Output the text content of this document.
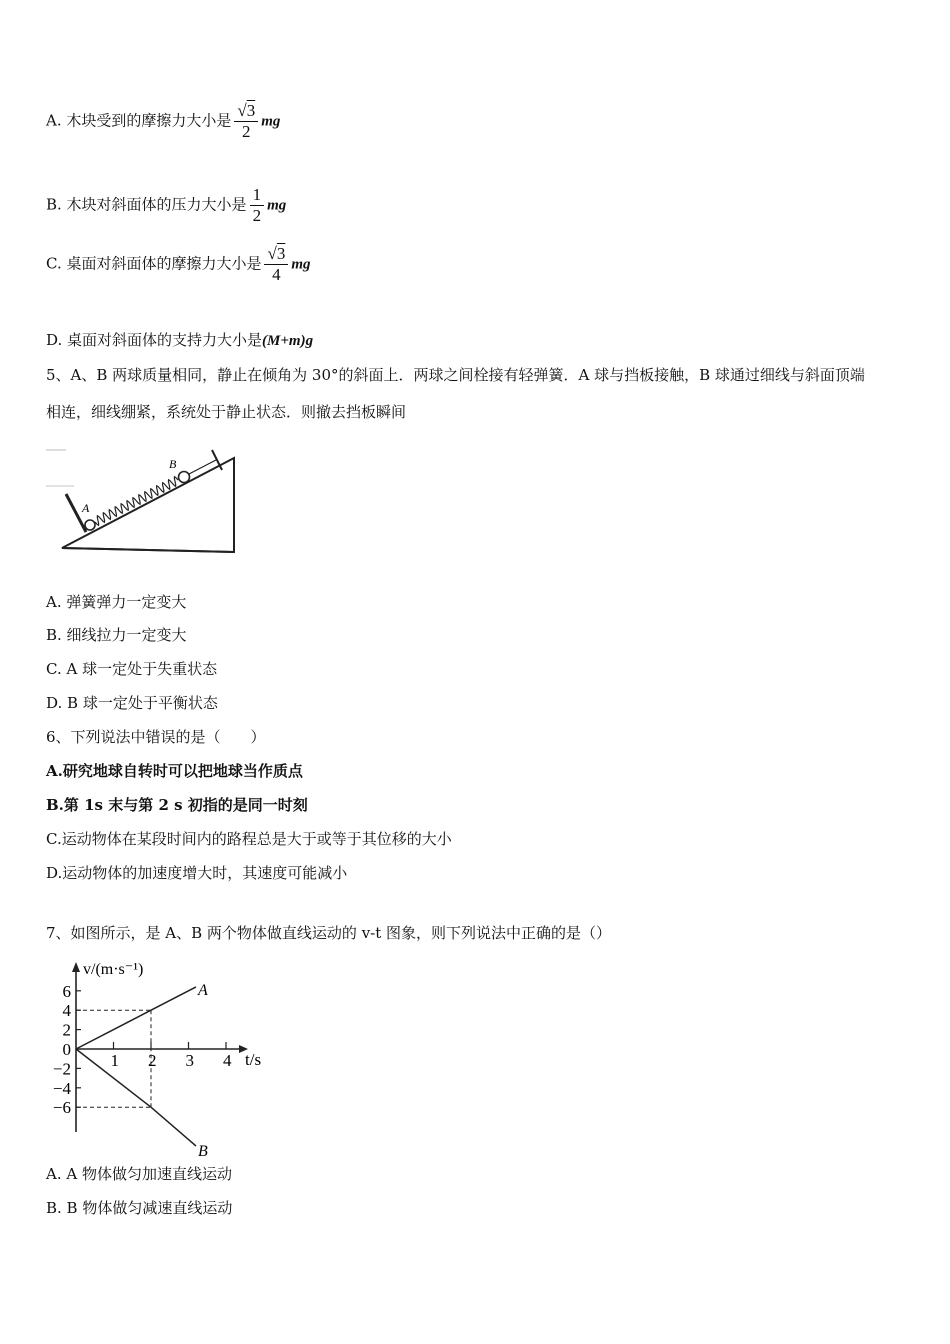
A. 木块受到的摩擦力大小是 $\frac{√3}{2}$ mg
B. 木块对斜面体的压力大小是 $\frac{1}{2}$ mg
C. 桌面对斜面体的摩擦力大小是 $\frac{√3}{4}$ mg
D. 桌面对斜面体的支持力大小是(M+m)g
5、A、B 两球质量相同，静止在倾角为 30°的斜面上．两球之间栓接有轻弹簧．A 球与挡板接触，B 球通过细线与斜面顶端
相连，细线绷紧，系统处于静止状态．则撤去挡板瞬间
A
B
A. 弹簧弹力一定变大
B. 细线拉力一定变大
C. A 球一定处于失重状态
D. B 球一定处于平衡状态
6、下列说法中错误的是（　　）
A.研究地球自转时可以把地球当作质点
B.第 1s 末与第 2 s 初指的是同一时刻
C.运动物体在某段时间内的路程总是大于或等于其位移的大小
D.运动物体的加速度增大时，其速度可能减小
7、如图所示，是 A、B 两个物体做直线运动的 v-t 图象，则下列说法中正确的是（）
v/(m·s⁻¹)
t/s
1 2 3 4
6
4
2
0
−2
−4
−6
A
B
A. A 物体做匀加速直线运动
B. B 物体做匀减速直线运动
